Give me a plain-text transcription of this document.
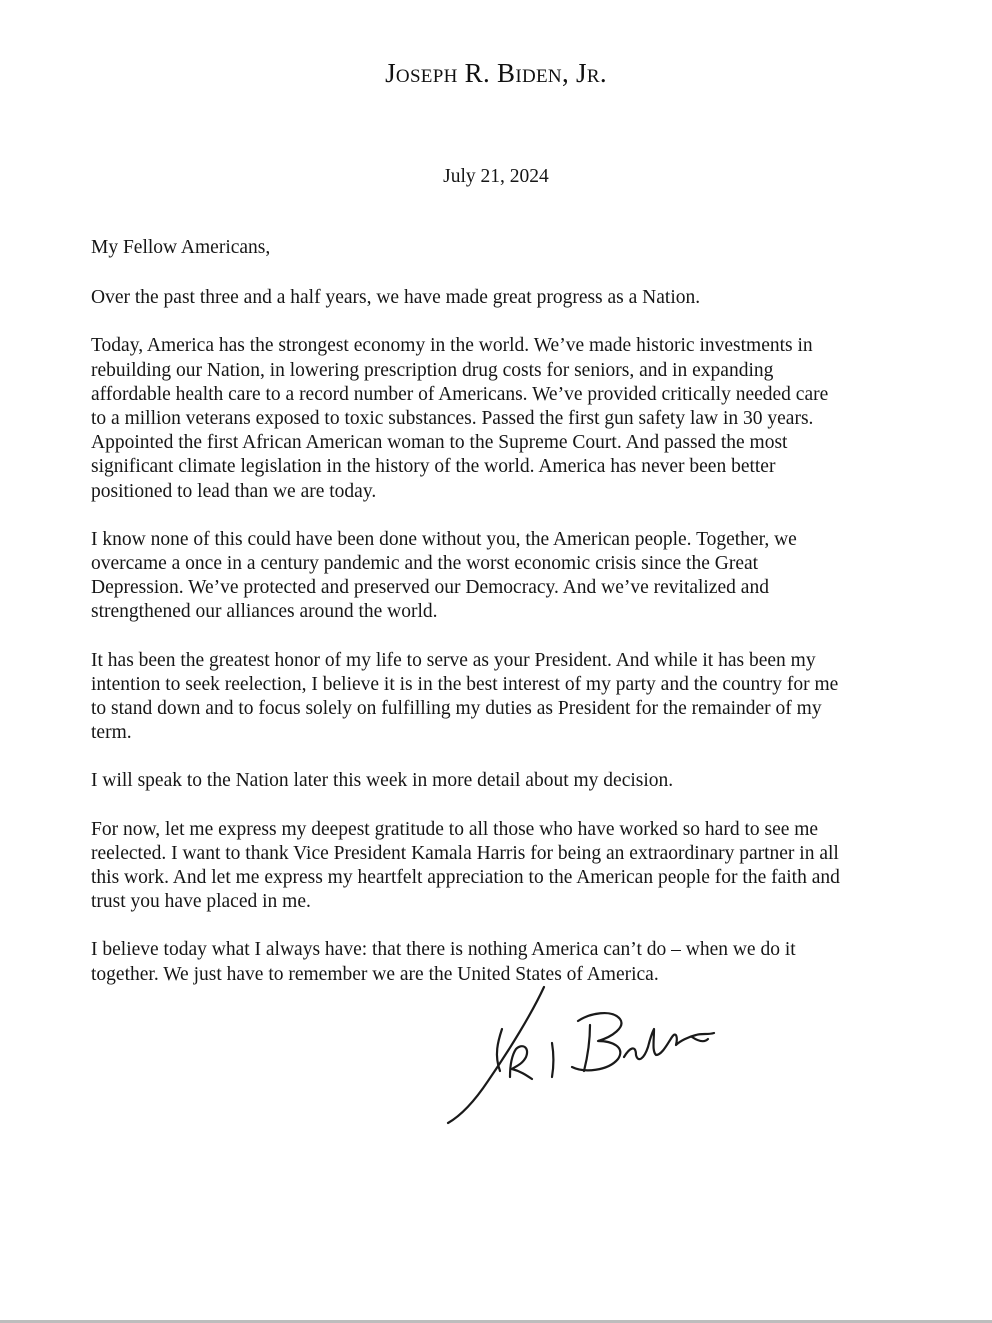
Joseph R. Biden, Jr.
July 21, 2024

My Fellow Americans,

Over the past three and a half years, we have made great progress as a Nation.

Today, America has the strongest economy in the world. We’ve made historic investments in
rebuilding our Nation, in lowering prescription drug costs for seniors, and in expanding
affordable health care to a record number of Americans. We’ve provided critically needed care
to a million veterans exposed to toxic substances. Passed the first gun safety law in 30 years.
Appointed the first African American woman to the Supreme Court. And passed the most
significant climate legislation in the history of the world. America has never been better
positioned to lead than we are today.

I know none of this could have been done without you, the American people. Together, we
overcame a once in a century pandemic and the worst economic crisis since the Great
Depression. We’ve protected and preserved our Democracy. And we’ve revitalized and
strengthened our alliances around the world.

It has been the greatest honor of my life to serve as your President. And while it has been my
intention to seek reelection, I believe it is in the best interest of my party and the country for me
to stand down and to focus solely on fulfilling my duties as President for the remainder of my
term.

I will speak to the Nation later this week in more detail about my decision.

For now, let me express my deepest gratitude to all those who have worked so hard to see me
reelected. I want to thank Vice President Kamala Harris for being an extraordinary partner in all
this work. And let me express my heartfelt appreciation to the American people for the faith and
trust you have placed in me.

I believe today what I always have: that there is nothing America can’t do – when we do it
together. We just have to remember we are the United States of America.
